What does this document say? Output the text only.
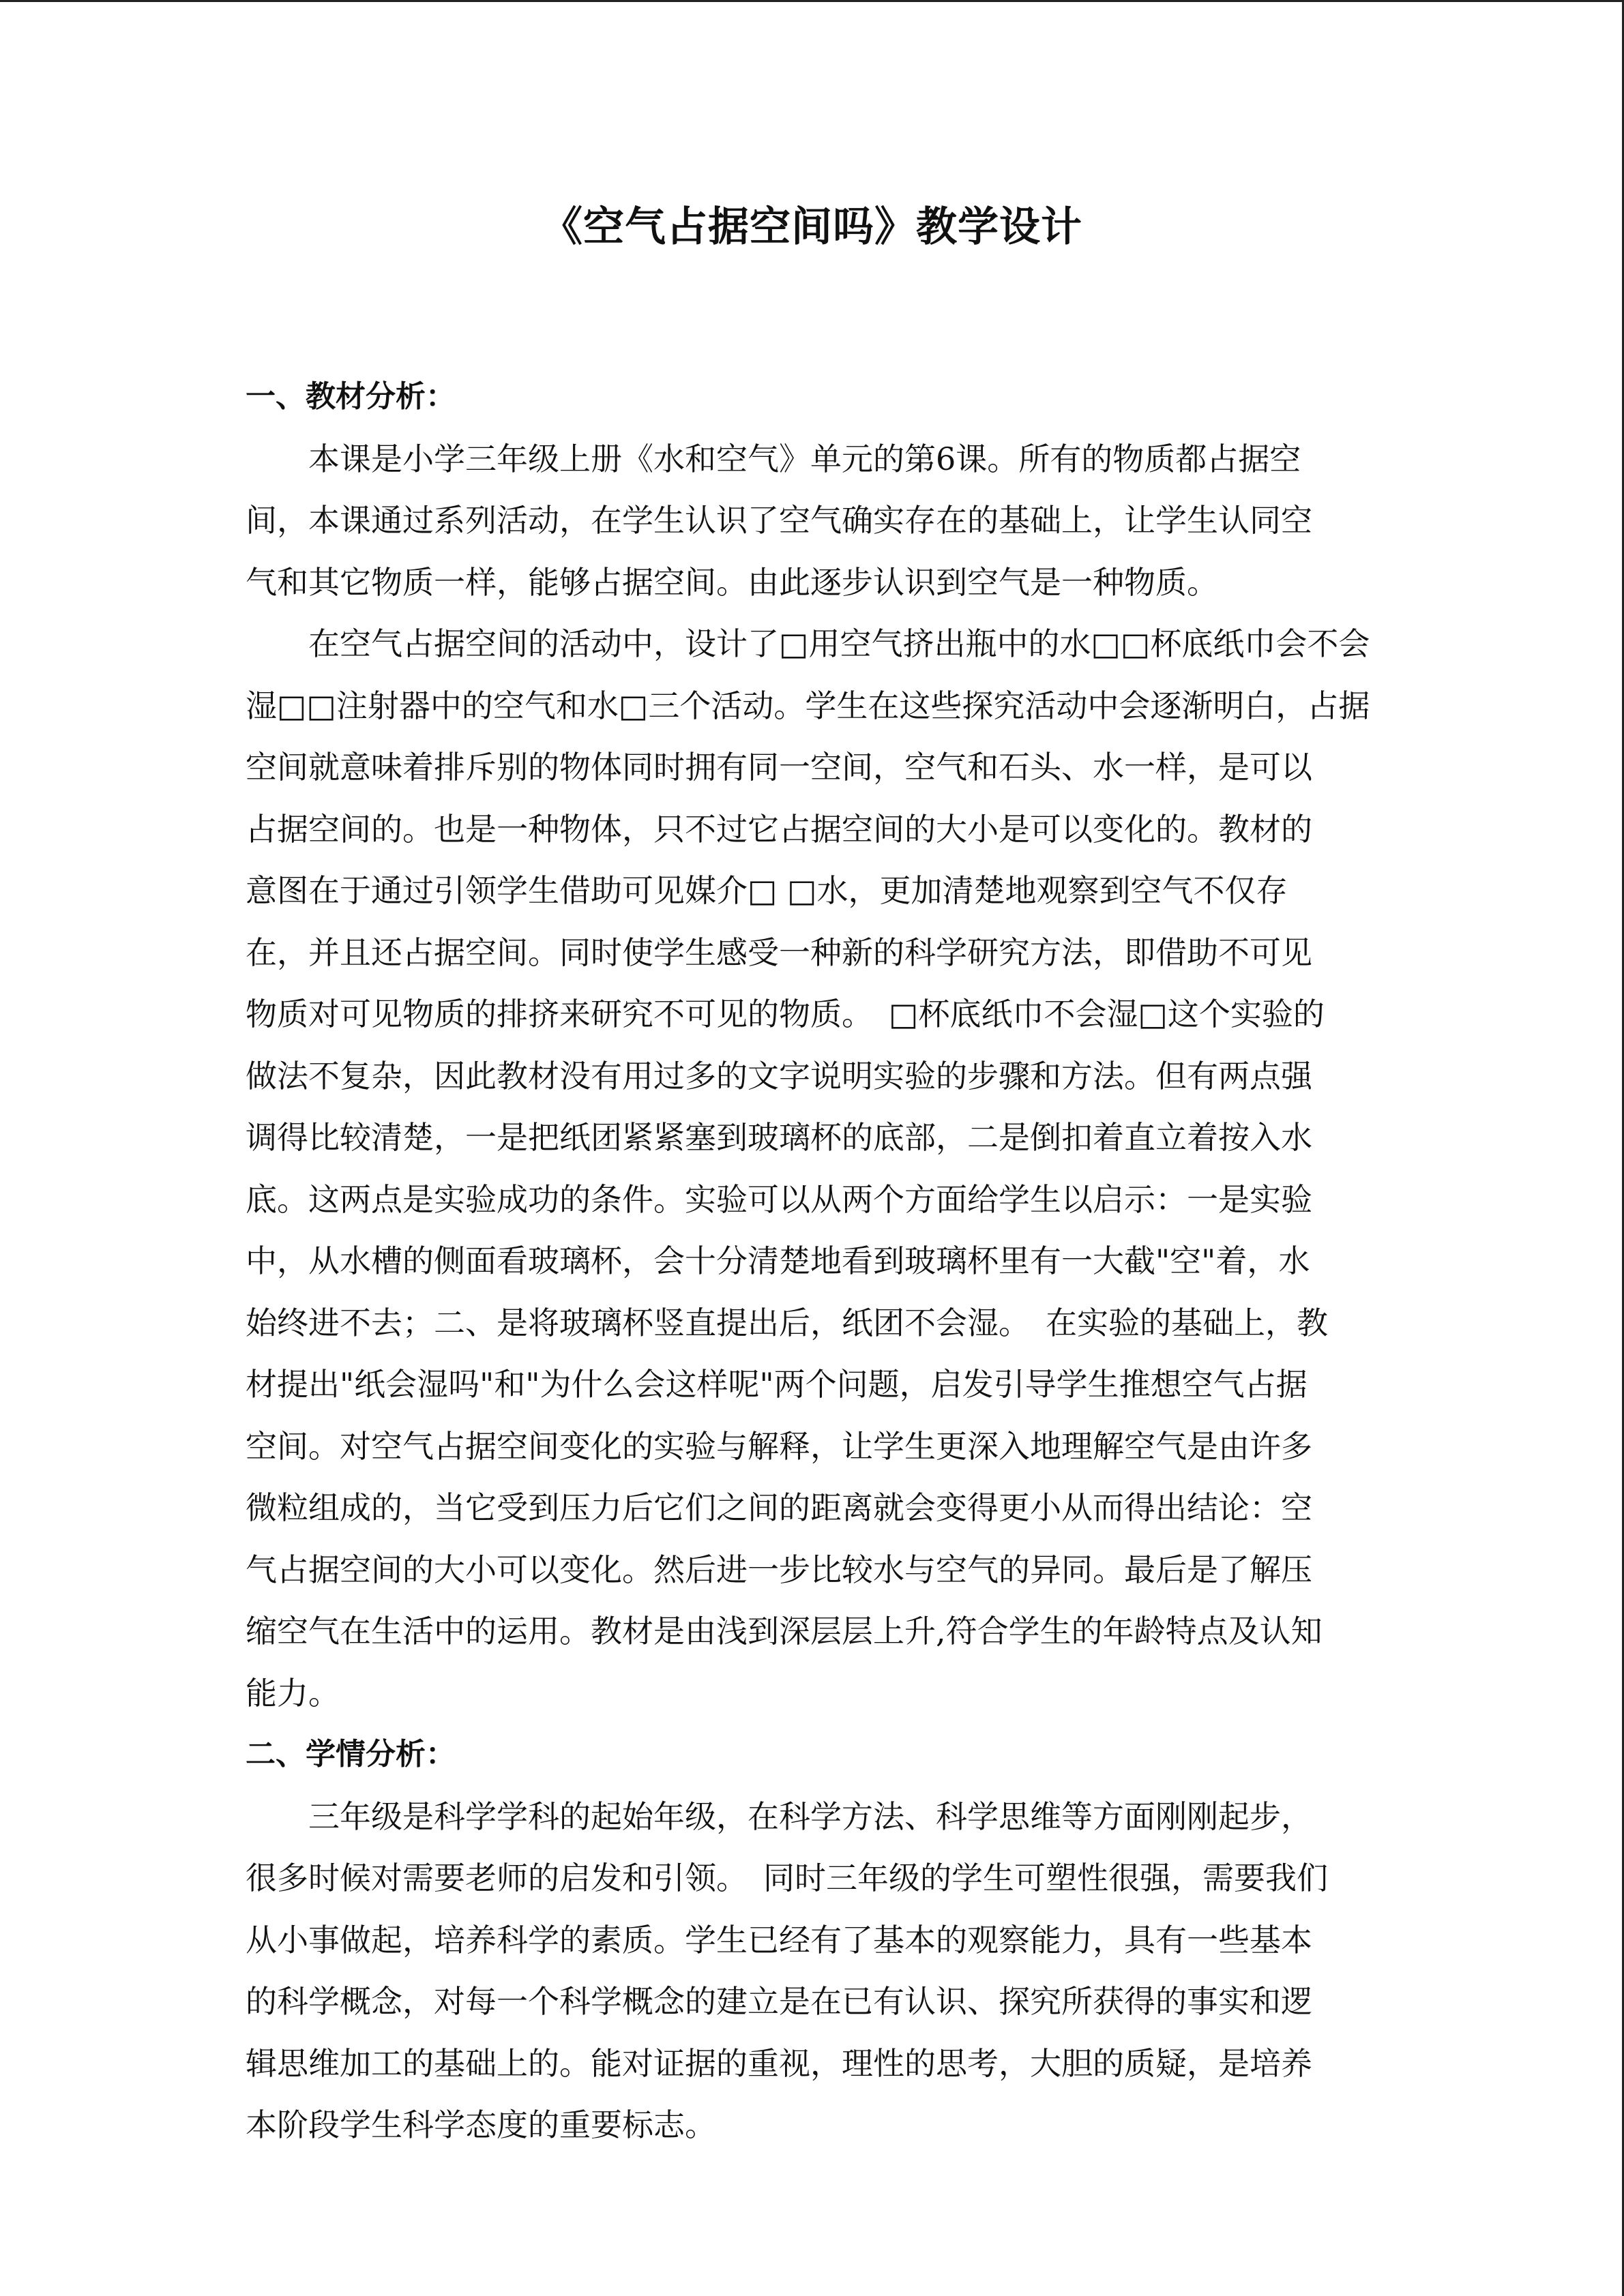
《空气占据空间吗》教学设计
一、教材分析：

　　本课是小学三年级上册《水和空气》单元的第6课。所有的物质都占据空

间，本课通过系列活动，在学生认识了空气确实存在的基础上，让学生认同空

气和其它物质一样，能够占据空间。由此逐步认识到空气是一种物质。

　　在空气占据空间的活动中，设计了□用空气挤出瓶中的水□□杯底纸巾会不会

湿□□注射器中的空气和水□三个活动。学生在这些探究活动中会逐渐明白，占据

空间就意味着排斥别的物体同时拥有同一空间，空气和石头、水一样，是可以

占据空间的。也是一种物体，只不过它占据空间的大小是可以变化的。教材的

意图在于通过引领学生借助可见媒介□ □水，更加清楚地观察到空气不仅存

在，并且还占据空间。同时使学生感受一种新的科学研究方法，即借助不可见

物质对可见物质的排挤来研究不可见的物质。　□杯底纸巾不会湿□这个实验的

做法不复杂，因此教材没有用过多的文字说明实验的步骤和方法。但有两点强

调得比较清楚，一是把纸团紧紧塞到玻璃杯的底部，二是倒扣着直立着按入水

底。这两点是实验成功的条件。实验可以从两个方面给学生以启示：一是实验

中，从水槽的侧面看玻璃杯，会十分清楚地看到玻璃杯里有一大截"空"着，水

始终进不去；二、是将玻璃杯竖直提出后，纸团不会湿。　在实验的基础上，教

材提出"纸会湿吗"和"为什么会这样呢"两个问题，启发引导学生推想空气占据

空间。对空气占据空间变化的实验与解释，让学生更深入地理解空气是由许多

微粒组成的，当它受到压力后它们之间的距离就会变得更小从而得出结论：空

气占据空间的大小可以变化。然后进一步比较水与空气的异同。最后是了解压

缩空气在生活中的运用。教材是由浅到深层层上升,符合学生的年龄特点及认知

能力。

二、学情分析：

　　三年级是科学学科的起始年级，在科学方法、科学思维等方面刚刚起步，

很多时候对需要老师的启发和引领。　同时三年级的学生可塑性很强，需要我们

从小事做起，培养科学的素质。学生已经有了基本的观察能力，具有一些基本

的科学概念，对每一个科学概念的建立是在已有认识、探究所获得的事实和逻

辑思维加工的基础上的。能对证据的重视，理性的思考，大胆的质疑，是培养

本阶段学生科学态度的重要标志。
